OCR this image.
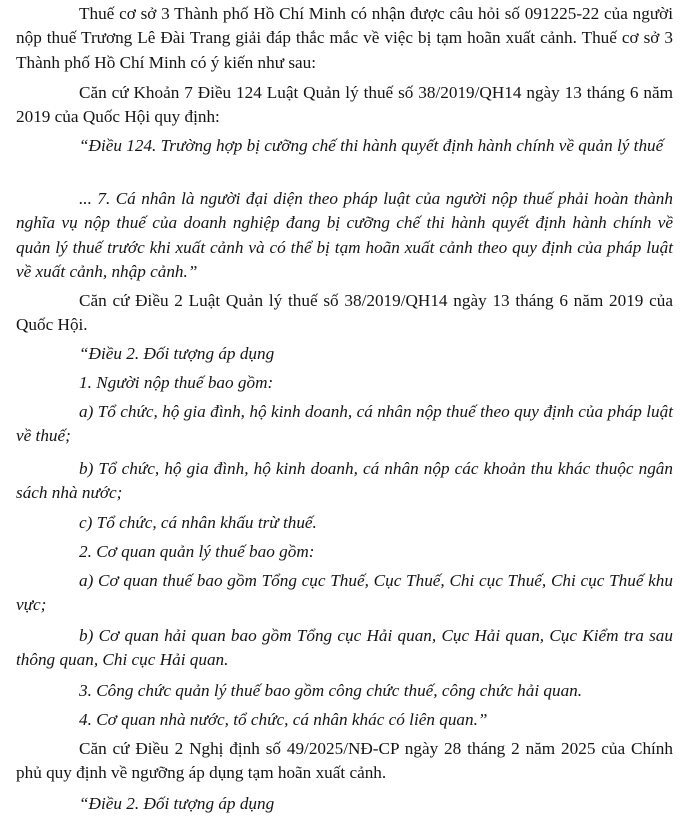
Thuế cơ sở 3 Thành phố Hồ Chí Minh có nhận được câu hỏi số 091225-22 của người nộp thuế Trương Lê Đài Trang giải đáp thắc mắc về việc bị tạm hoãn xuất cảnh. Thuế cơ sở 3 Thành phố Hồ Chí Minh có ý kiến như sau:

Căn cứ Khoản 7 Điều 124 Luật Quản lý thuế số 38/2019/QH14 ngày 13 tháng 6 năm 2019 của Quốc Hội quy định:

“Điều 124. Trường hợp bị cưỡng chế thi hành quyết định hành chính về quản lý thuế

... 7. Cá nhân là người đại diện theo pháp luật của người nộp thuế phải hoàn thành nghĩa vụ nộp thuế của doanh nghiệp đang bị cưỡng chế thi hành quyết định hành chính về quản lý thuế trước khi xuất cảnh và có thể bị tạm hoãn xuất cảnh theo quy định của pháp luật về xuất cảnh, nhập cảnh.”

Căn cứ Điều 2 Luật Quản lý thuế số 38/2019/QH14 ngày 13 tháng 6 năm 2019 của Quốc Hội.

“Điều 2. Đối tượng áp dụng

1. Người nộp thuế bao gồm:

a) Tổ chức, hộ gia đình, hộ kinh doanh, cá nhân nộp thuế theo quy định của pháp luật về thuế;

b) Tổ chức, hộ gia đình, hộ kinh doanh, cá nhân nộp các khoản thu khác thuộc ngân sách nhà nước;

c) Tổ chức, cá nhân khấu trừ thuế.

2. Cơ quan quản lý thuế bao gồm:

a) Cơ quan thuế bao gồm Tổng cục Thuế, Cục Thuế, Chi cục Thuế, Chi cục Thuế khu vực;

b) Cơ quan hải quan bao gồm Tổng cục Hải quan, Cục Hải quan, Cục Kiểm tra sau thông quan, Chi cục Hải quan.

3. Công chức quản lý thuế bao gồm công chức thuế, công chức hải quan.

4. Cơ quan nhà nước, tổ chức, cá nhân khác có liên quan.”

Căn cứ Điều 2 Nghị định số 49/2025/NĐ-CP ngày 28 tháng 2 năm 2025 của Chính phủ quy định về ngưỡng áp dụng tạm hoãn xuất cảnh.

“Điều 2. Đối tượng áp dụng
